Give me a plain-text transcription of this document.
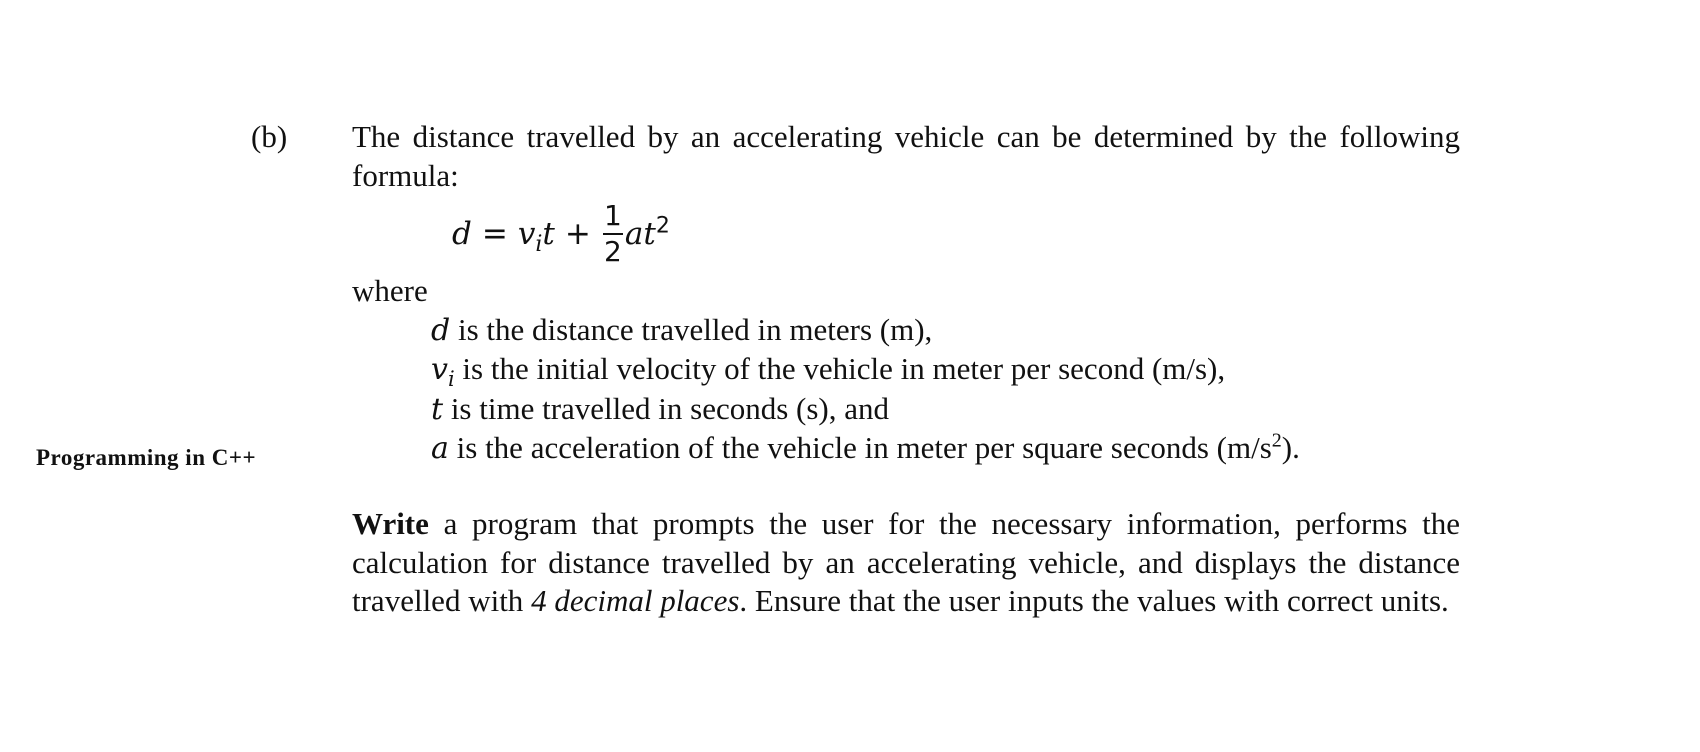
(b) The distance travelled by an accelerating vehicle can be determined by the following formula:
$d = v_i$ $t + \frac{1}{2}$ a $t^2$
where
d is the distance travelled in meters (m),
$v_i$ is the initial velocity of the vehicle in meter per second (m/s),
t is time travelled in seconds (s), and
a is the acceleration of the vehicle in meter per square seconds $(m/s^2)$.
Programming in C++
Write a program that prompts the user for the necessary information, performs the calculation for distance travelled by an accelerating vehicle, and displays the distance travelled with 4 decimal places. Ensure that the user inputs the values with correct units.
